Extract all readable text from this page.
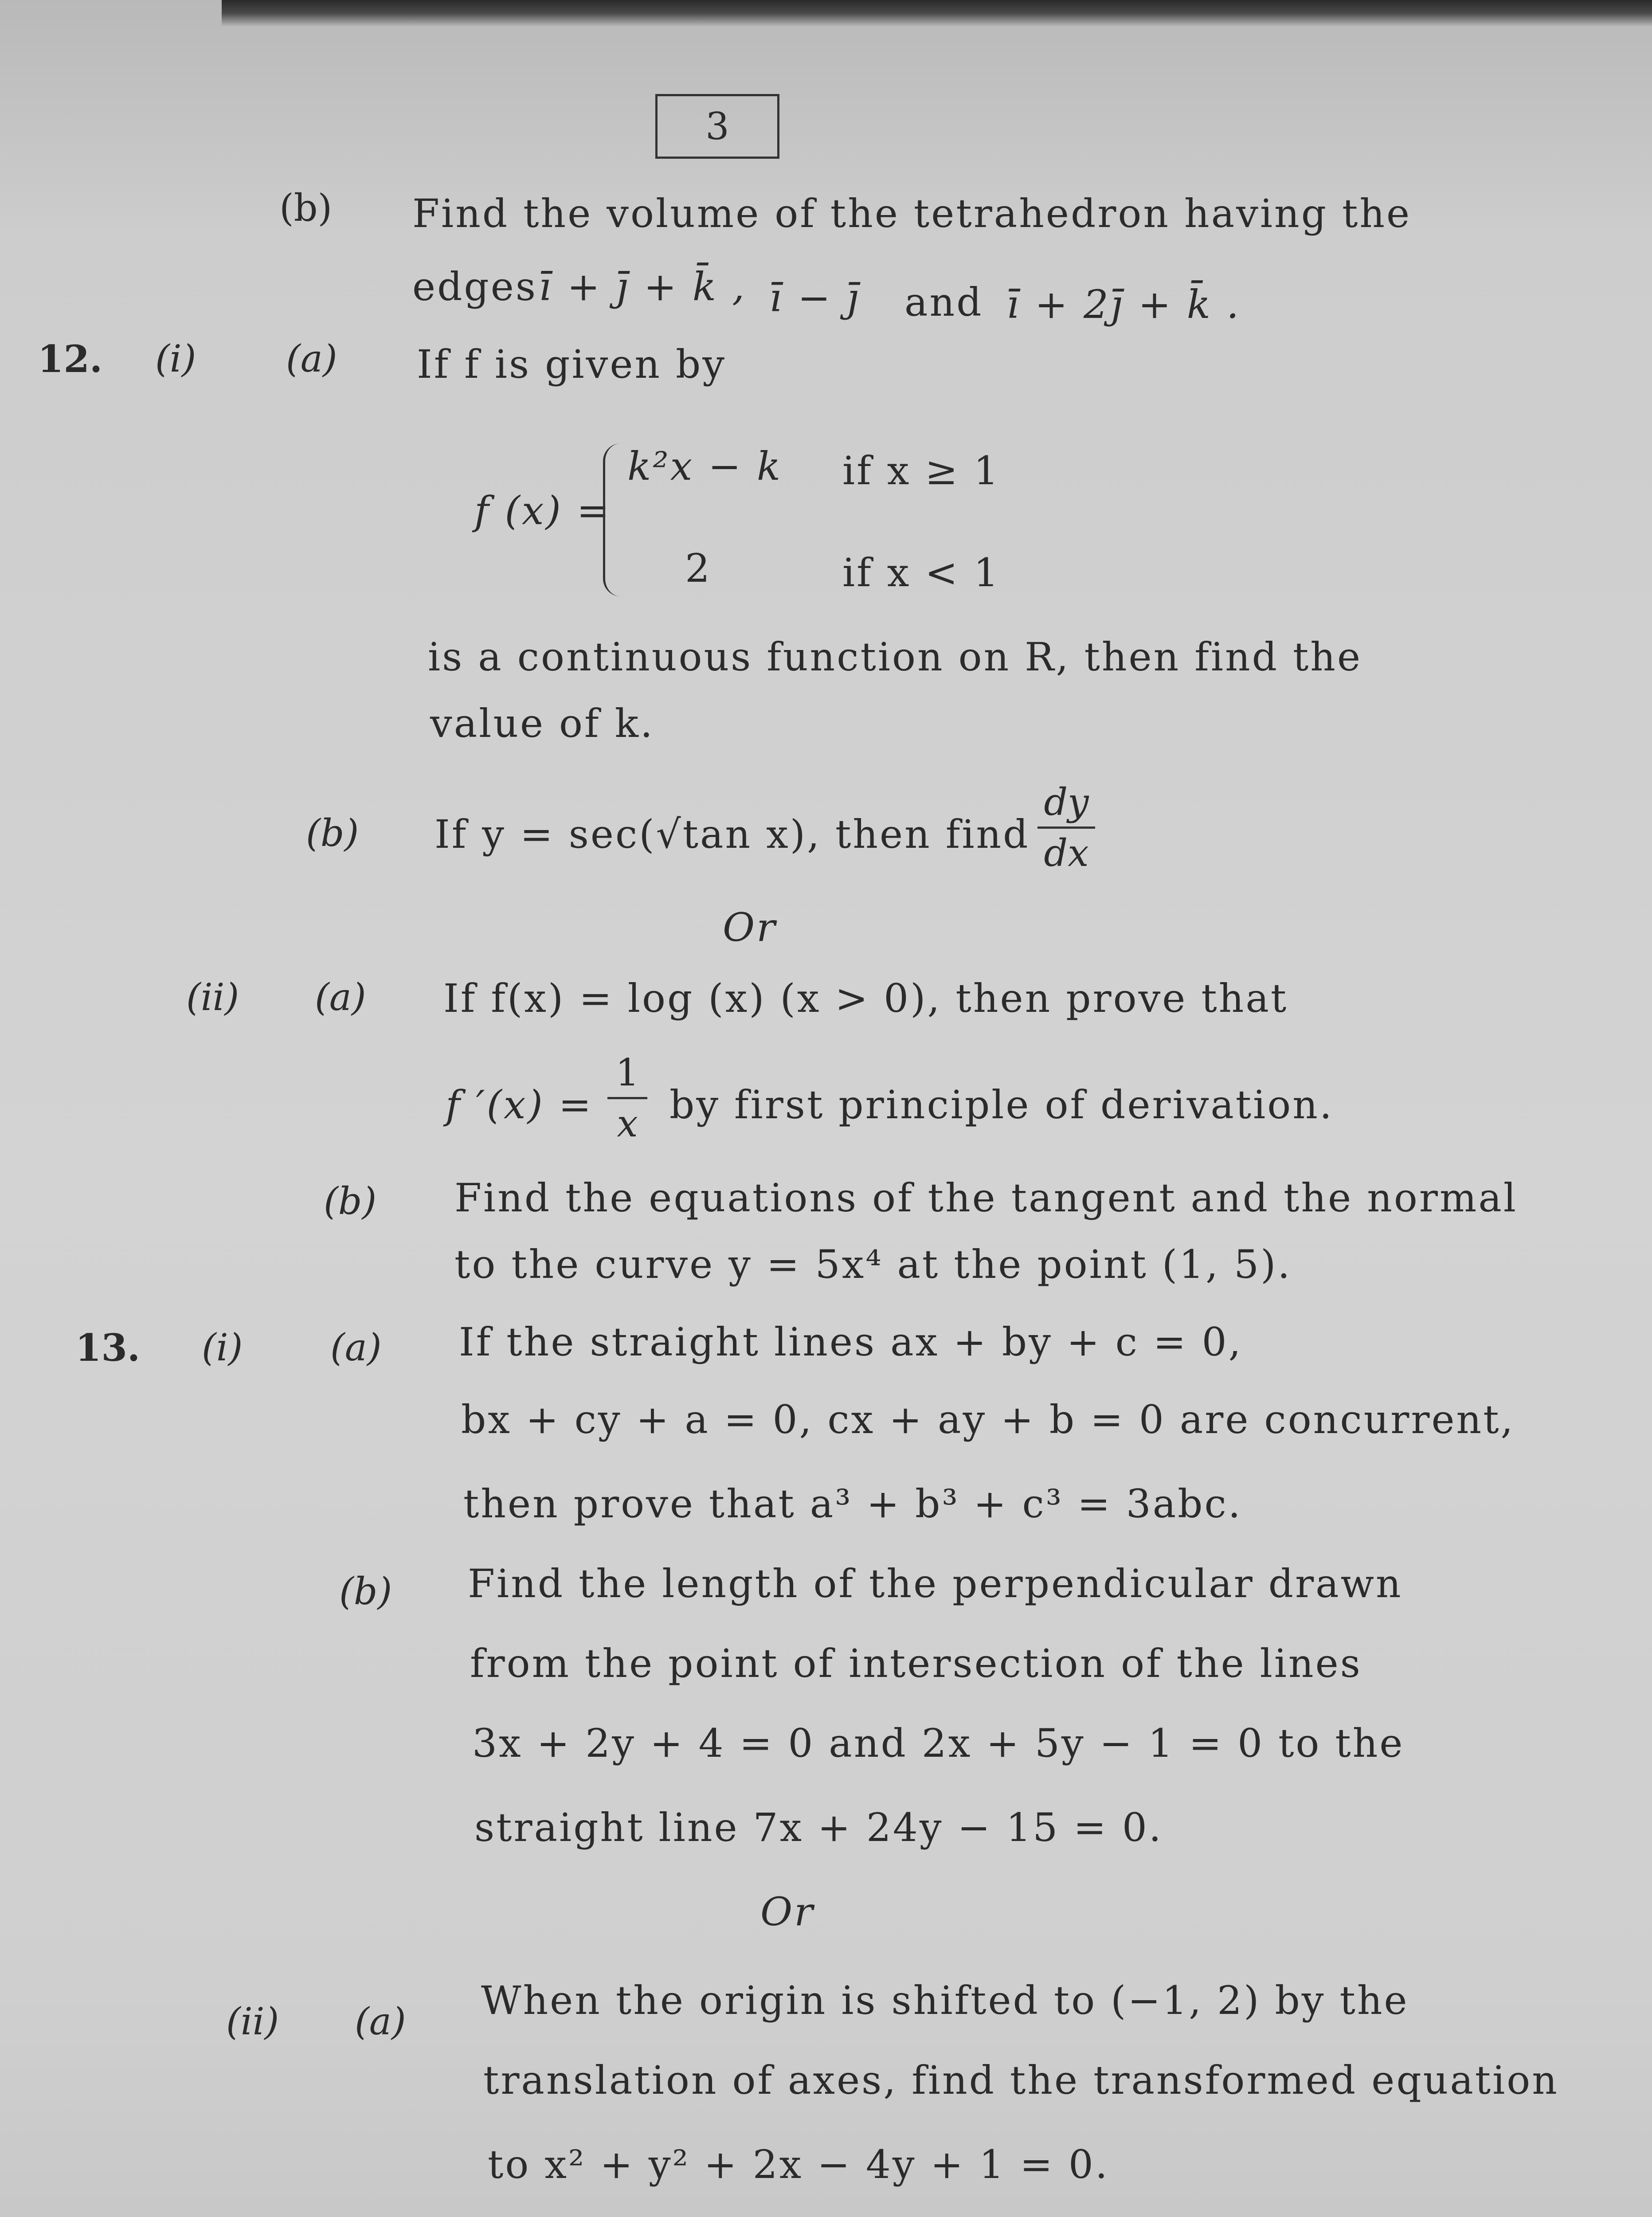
3
(b) Find the volume of the tetrahedron having the
edges ī + j̄ + k̄ , ī − j̄ and ī + 2j̄ + k̄ .
12. (i) (a) If f is given by
f (x) =
k²x − k if x ≥ 1
2	if x < 1
is a continuous function on R, then find the
value of k.
(b) If y = sec(√tan x), then find
dy
dx
Or
(ii) (a) If f(x) = log (x) (x > 0), then prove that
f ′(x) =
1
x by first principle of derivation.
(b) Find the equations of the tangent and the normal
to the curve y = 5x⁴ at the point (1, 5).
13. (i) (a) If the straight lines ax + by + c = 0,
bx + cy + a = 0, cx + ay + b = 0 are concurrent,
then prove that a³ + b³ + c³ = 3abc.
(b) Find the length of the perpendicular drawn
from the point of intersection of the lines
3x + 2y + 4 = 0 and 2x + 5y − 1 = 0 to the
straight line 7x + 24y − 15 = 0.
Or
(ii) (a) When the origin is shifted to (−1, 2) by the
translation of axes, find the transformed equation
to x² + y² + 2x − 4y + 1 = 0.
